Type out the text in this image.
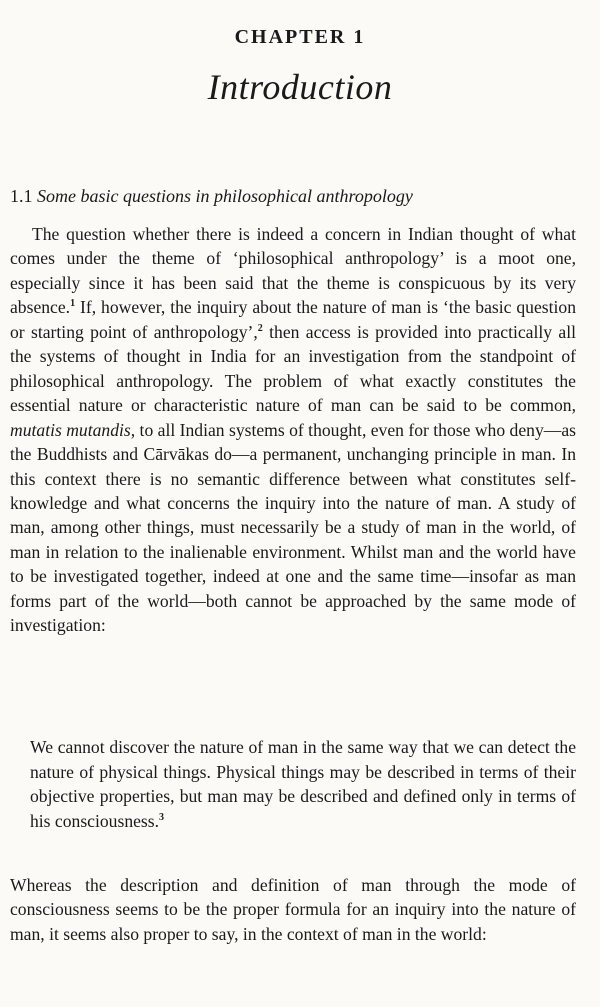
CHAPTER 1
Introduction
1.1 Some basic questions in philosophical anthropology

The question whether there is indeed a concern in Indian thought of what comes under the theme of ‘philosophical anthropology’ is a moot one, especially since it has been said that the theme is conspicuous by its very absence.$^1$ If, however, the inquiry about the nature of man is ‘the basic question or starting point of anthropology’,$^2$ then access is provided into practically all the systems of thought in India for an investigation from the standpoint of philosophical anthropology. The problem of what exactly constitutes the essential nature or characteristic nature of man can be said to be common, mutatis mutandis, to all Indian systems of thought, even for those who deny—as the Buddhists and Cārvākas do—a permanent, unchanging principle in man. In this context there is no semantic difference between what constitutes self-knowledge and what concerns the inquiry into the nature of man. A study of man, among other things, must necessarily be a study of man in the world, of man in relation to the inalienable environment. Whilst man and the world have to be investigated together, indeed at one and the same time—insofar as man forms part of the world—both cannot be approached by the same mode of investigation:

We cannot discover the nature of man in the same way that we can detect the nature of physical things. Physical things may be described in terms of their objective properties, but man may be described and defined only in terms of his consciousness.$^3$

Whereas the description and definition of man through the mode of consciousness seems to be the proper formula for an inquiry into the nature of man, it seems also proper to say, in the context of man in the world:
